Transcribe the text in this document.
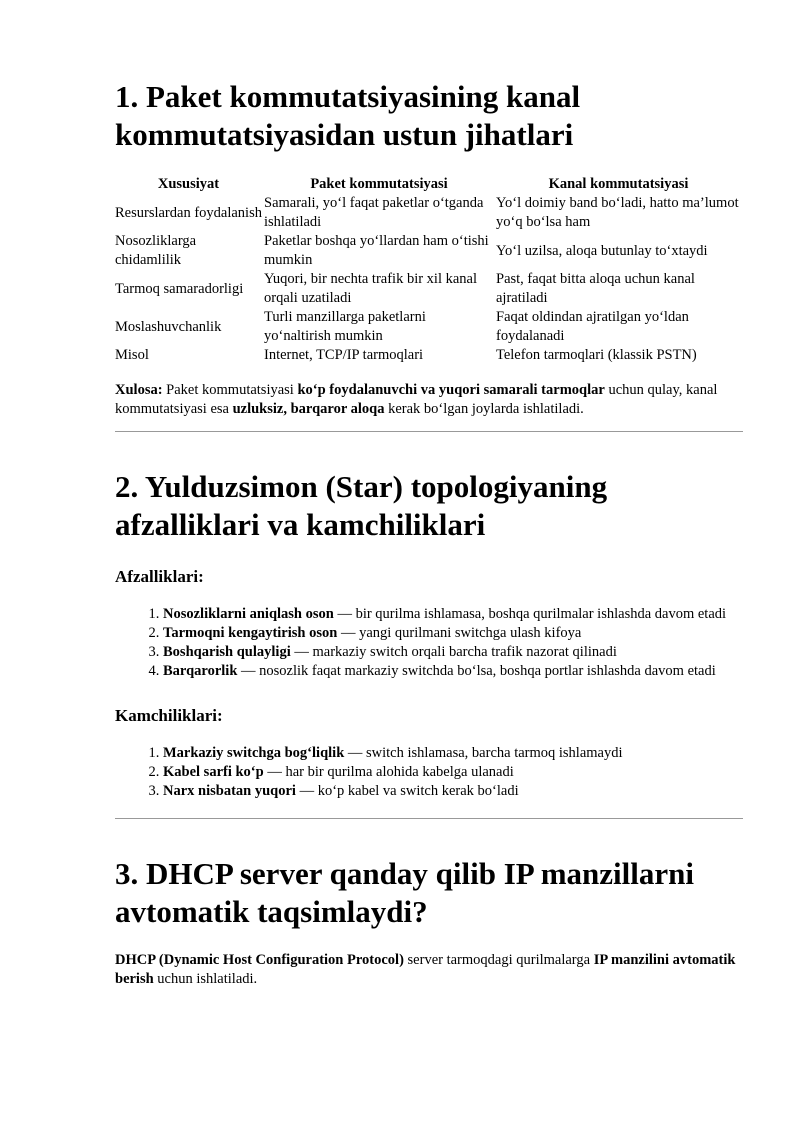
1. Paket kommutatsiyasining kanal kommutatsiyasidan ustun jihatlari
Xususiyat	Paket kommutatsiyasi	Kanal kommutatsiyasi
Resurslardan foydalanish	Samarali, yo‘l faqat paketlar o‘tganda ishlatiladi	Yo‘l doimiy band bo‘ladi, hatto ma’lumot yo‘q bo‘lsa ham
Nosozliklarga chidamlilik	Paketlar boshqa yo‘llardan ham o‘tishi mumkin	Yo‘l uzilsa, aloqa butunlay to‘xtaydi
Tarmoq samaradorligi	Yuqori, bir nechta trafik bir xil kanal orqali uzatiladi	Past, faqat bitta aloqa uchun kanal ajratiladi
Moslashuvchanlik	Turli manzillarga paketlarni yo‘naltirish mumkin	Faqat oldindan ajratilgan yo‘ldan foydalanadi
Misol	Internet, TCP/IP tarmoqlari	Telefon tarmoqlari (klassik PSTN)

Xulosa: Paket kommutatsiyasi ko‘p foydalanuvchi va yuqori samarali tarmoqlar uchun qulay, kanal kommutatsiyasi esa uzluksiz, barqaror aloqa kerak bo‘lgan joylarda ishlatiladi.

2. Yulduzsimon (Star) topologiyaning afzalliklari va kamchiliklari
Afzalliklari:
1. Nosozliklarni aniqlash oson — bir qurilma ishlamasa, boshqa qurilmalar ishlashda davom etadi
2. Tarmoqni kengaytirish oson — yangi qurilmani switchga ulash kifoya
3. Boshqarish qulayligi — markaziy switch orqali barcha trafik nazorat qilinadi
4. Barqarorlik — nosozlik faqat markaziy switchda bo‘lsa, boshqa portlar ishlashda davom etadi
Kamchiliklari:
1. Markaziy switchga bog‘liqlik — switch ishlamasa, barcha tarmoq ishlamaydi
2. Kabel sarfi ko‘p — har bir qurilma alohida kabelga ulanadi
3. Narx nisbatan yuqori — ko‘p kabel va switch kerak bo‘ladi
3. DHCP server qanday qilib IP manzillarni avtomatik taqsimlaydi?

DHCP (Dynamic Host Configuration Protocol) server tarmoqdagi qurilmalarga IP manzilini avtomatik berish uchun ishlatiladi.
